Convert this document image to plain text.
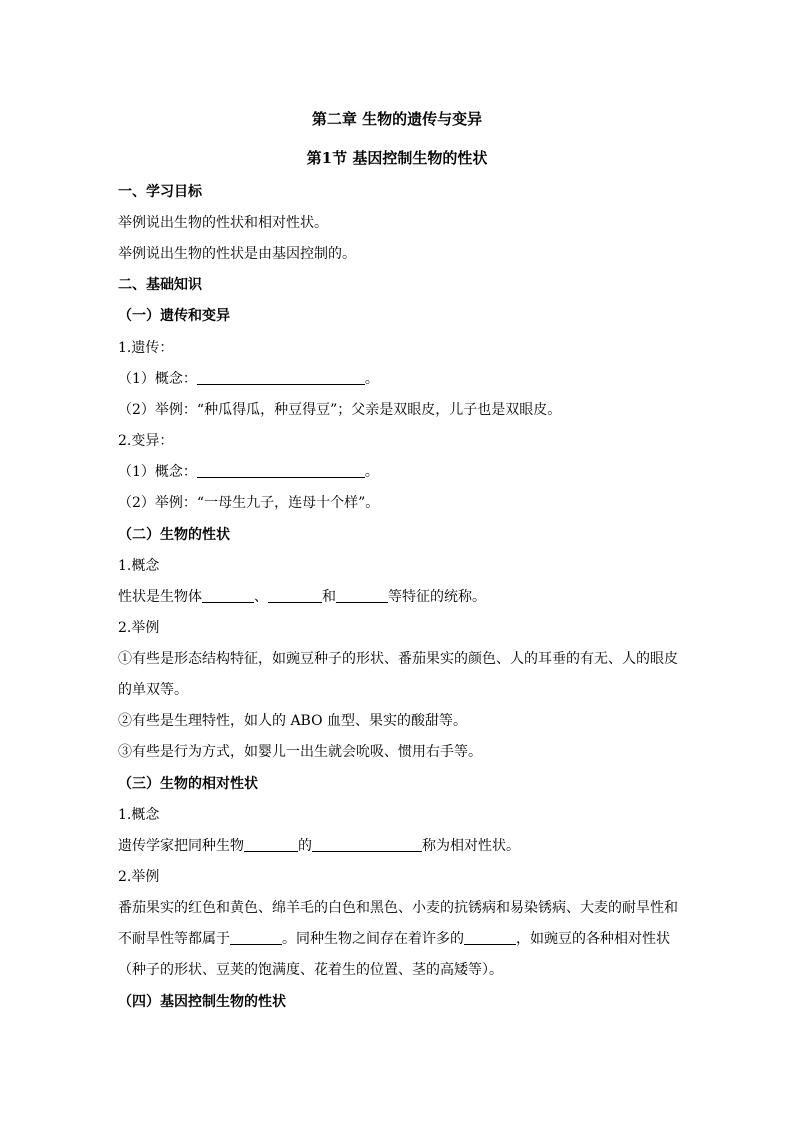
第二章 生物的遗传与变异
第1节 基因控制生物的性状
一、学习目标
举例说出生物的性状和相对性状。
举例说出生物的性状是由基因控制的。
二、基础知识
（一）遗传和变异
1.遗传：
（1）概念：	。
（2）举例：“种瓜得瓜，种豆得豆”；父亲是双眼皮，儿子也是双眼皮。
2.变异：
（1）概念：	。
（2）举例：“一母生九子，连母十个样”。
（二）生物的性状
1.概念
性状是生物体	、	和	等特征的统称。
2.举例
①有些是形态结构特征，如豌豆种子的形状、番茄果实的颜色、人的耳垂的有无、人的眼皮
的单双等。
②有些是生理特性，如人的 ABO 血型、果实的酸甜等。
③有些是行为方式，如婴儿一出生就会吮吸、惯用右手等。
（三）生物的相对性状
1.概念
遗传学家把同种生物	的	称为相对性状。
2.举例
番茄果实的红色和黄色、绵羊毛的白色和黑色、小麦的抗锈病和易染锈病、大麦的耐旱性和
不耐旱性等都属于	。同种生物之间存在着许多的	，如豌豆的各种相对性状
（种子的形状、豆荚的饱满度、花着生的位置、茎的高矮等）。
（四）基因控制生物的性状
